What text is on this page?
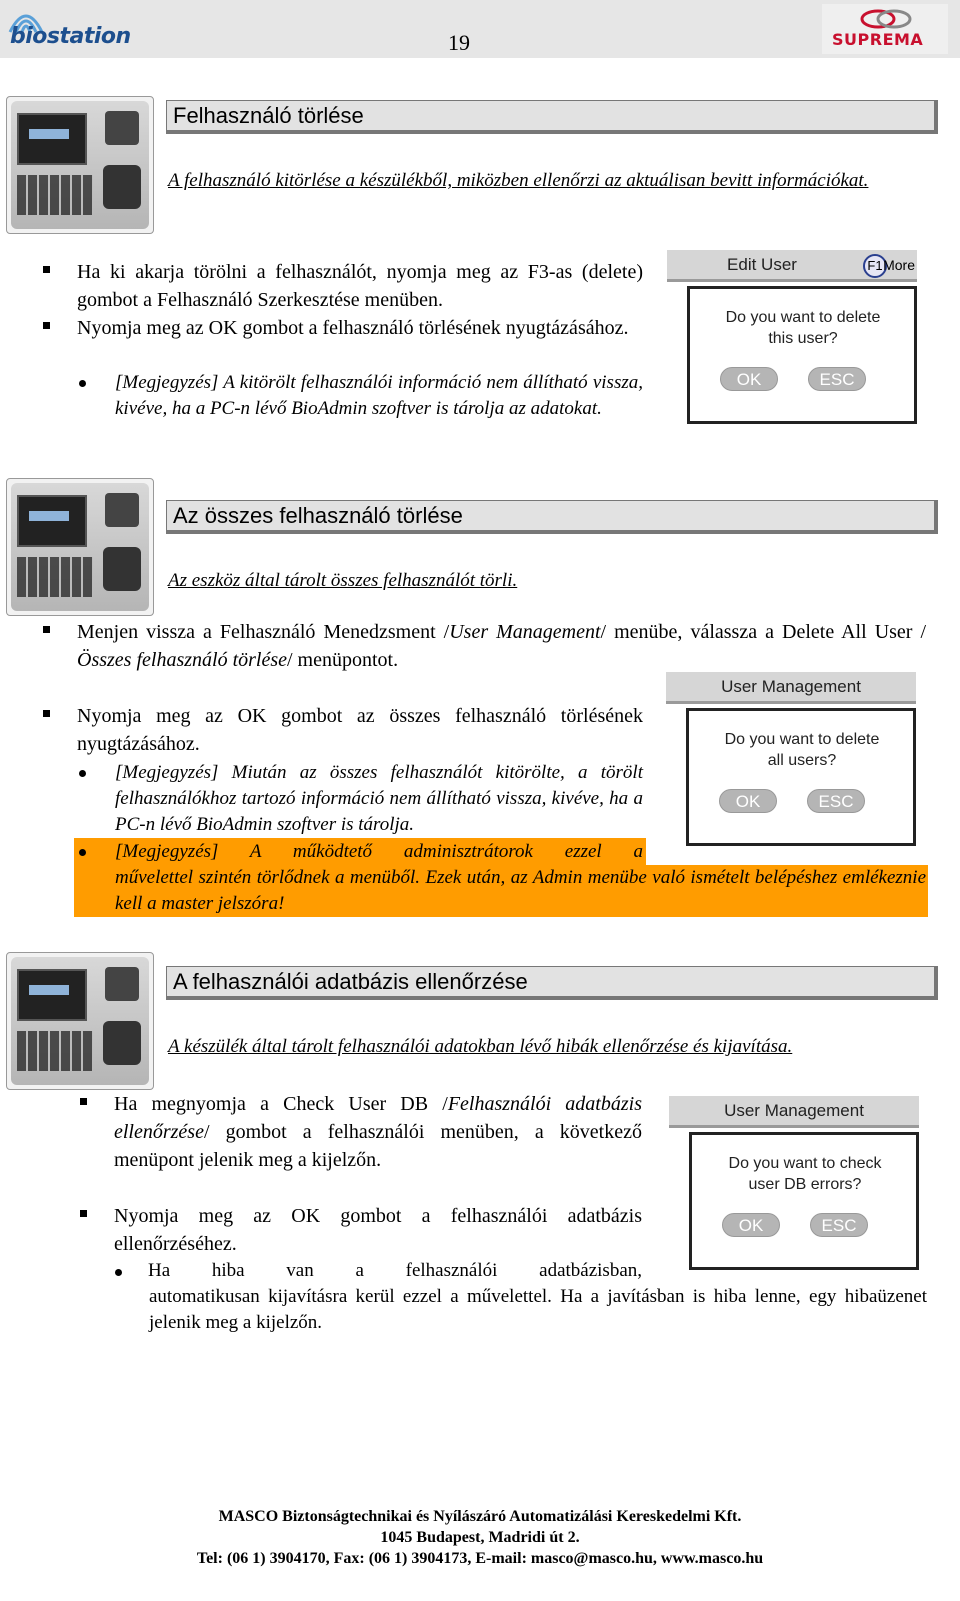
biostation	19	SUPREMA
Felhasználó törlése
A felhasználó kitörlése a készülékből, miközben ellenőrzi az aktuálisan bevitt információkat.
Ha ki akarja törölni a felhasználót, nyomja meg az F3-as (delete) gombot a Felhasználó Szerkesztése menüben.
Nyomja meg az OK gombot a felhasználó törlésének nyugtázásához.
[Megjegyzés] A kitörölt felhasználói információ nem állítható vissza, kivéve, ha a PC-n lévő BioAdmin szoftver is tárolja az adatokat.
Edit User	F1 More
Do you want to delete
this user?
OK	ESC
Az összes felhasználó törlése
Az eszköz által tárolt összes felhasználót törli.
Menjen vissza a Felhasználó Menedzsment /User Management/ menübe, válassza a Delete All User /Összes felhasználó törlése/ menüpontot.
Nyomja meg az OK gombot az összes felhasználó törlésének nyugtázásához.
[Megjegyzés] Miután az összes felhasználót kitörölte, a törölt felhasználókhoz tartozó információ nem állítható vissza, kivéve, ha a PC-n lévő BioAdmin szoftver is tárolja.
[Megjegyzés] A működtető adminisztrátorok ezzel a
művelettel szintén törlődnek a menüből. Ezek után, az Admin menübe való ismételt belépéshez emlékeznie kell a master jelszóra!
User Management
Do you want to delete
all users?
OK	ESC
A felhasználói adatbázis ellenőrzése
A készülék által tárolt felhasználói adatokban lévő hibák ellenőrzése és kijavítása.
Ha megnyomja a Check User DB /Felhasználói adatbázis ellenőrzése/ gombot a felhasználói menüben, a következő menüpont jelenik meg a kijelzőn.
Nyomja meg az OK gombot a felhasználói adatbázis ellenőrzéséhez.
Ha hiba van a felhasználói adatbázisban,
automatikusan kijavításra kerül ezzel a művelettel. Ha a javításban is hiba lenne, egy hibaüzenet jelenik meg a kijelzőn.
User Management
Do you want to check
user DB errors?
OK	ESC
MASCO Biztonságtechnikai és Nyílászáró Automatizálási Kereskedelmi Kft.
1045 Budapest, Madridi út 2.
Tel: (06 1) 3904170, Fax: (06 1) 3904173, E-mail: masco@masco.hu, www.masco.hu
